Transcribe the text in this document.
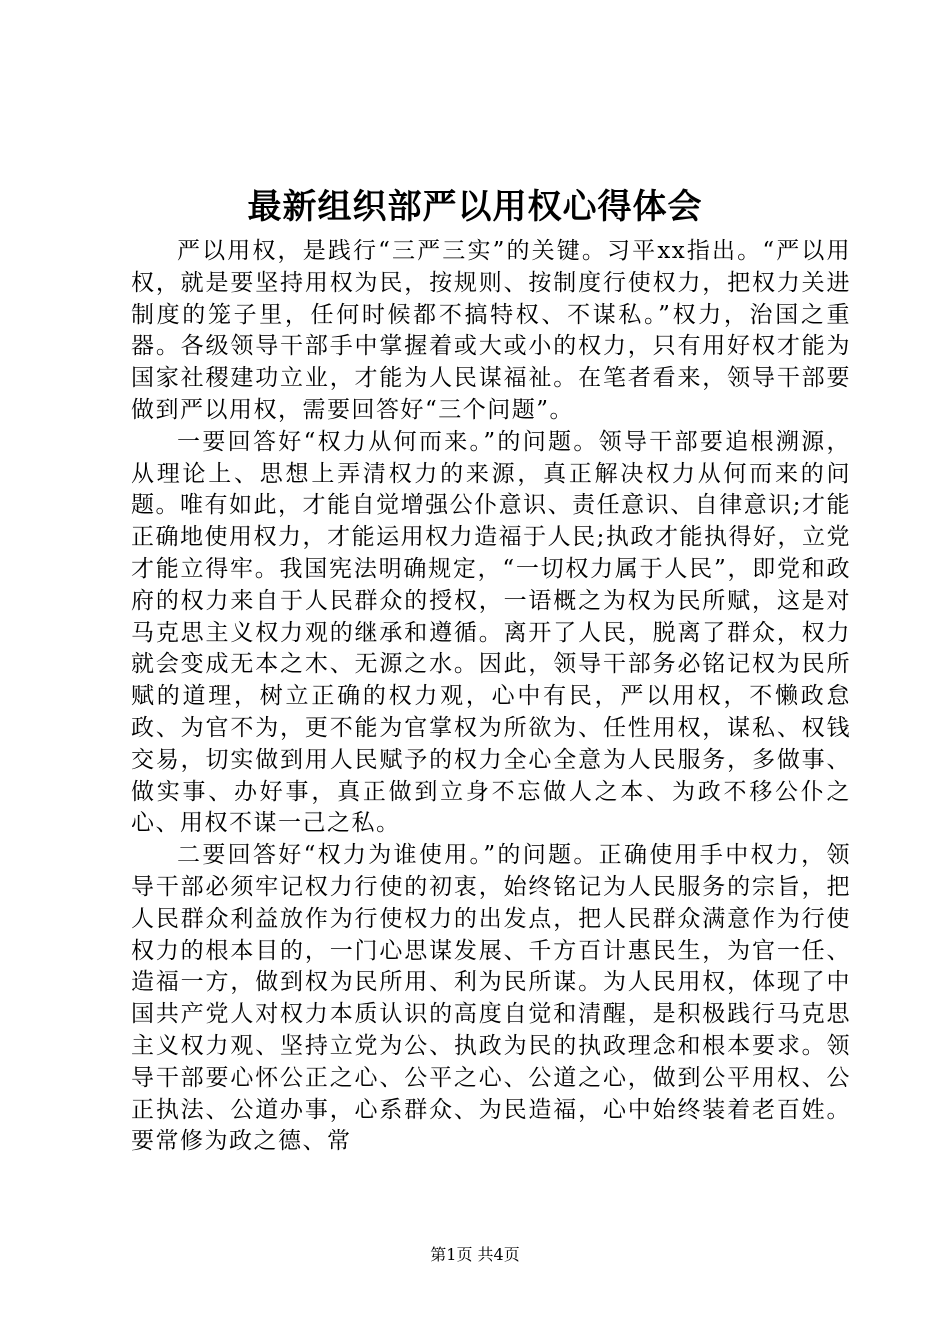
最新组织部严以用权心得体会

严以用权，是践行“三严三实”的关键。习平xx指出。“严以用权，就是要坚持用权为民，按规则、按制度行使权力，把权力关进制度的笼子里，任何时候都不搞特权、不谋私。”权力，治国之重器。各级领导干部手中掌握着或大或小的权力，只有用好权才能为国家社稷建功立业，才能为人民谋福祉。在笔者看来，领导干部要做到严以用权，需要回答好“三个问题”。

一要回答好“权力从何而来。”的问题。领导干部要追根溯源，从理论上、思想上弄清权力的来源，真正解决权力从何而来的问题。唯有如此，才能自觉增强公仆意识、责任意识、自律意识;才能正确地使用权力，才能运用权力造福于人民;执政才能执得好，立党才能立得牢。我国宪法明确规定，“一切权力属于人民”，即党和政府的权力来自于人民群众的授权，一语概之为权为民所赋，这是对马克思主义权力观的继承和遵循。离开了人民，脱离了群众，权力就会变成无本之木、无源之水。因此，领导干部务必铭记权为民所赋的道理，树立正确的权力观，心中有民，严以用权，不懒政怠政、为官不为，更不能为官掌权为所欲为、任性用权，谋私、权钱交易，切实做到用人民赋予的权力全心全意为人民服务，多做事、做实事、办好事，真正做到立身不忘做人之本、为政不移公仆之心、用权不谋一己之私。

二要回答好“权力为谁使用。”的问题。正确使用手中权力，领导干部必须牢记权力行使的初衷，始终铭记为人民服务的宗旨，把人民群众利益放作为行使权力的出发点，把人民群众满意作为行使权力的根本目的，一门心思谋发展、千方百计惠民生，为官一任、造福一方，做到权为民所用、利为民所谋。为人民用权，体现了中国共产党人对权力本质认识的高度自觉和清醒，是积极践行马克思主义权力观、坚持立党为公、执政为民的执政理念和根本要求。领导干部要心怀公正之心、公平之心、公道之心，做到公平用权、公正执法、公道办事，心系群众、为民造福，心中始终装着老百姓。要常修为政之德、常

第1页 共4页
